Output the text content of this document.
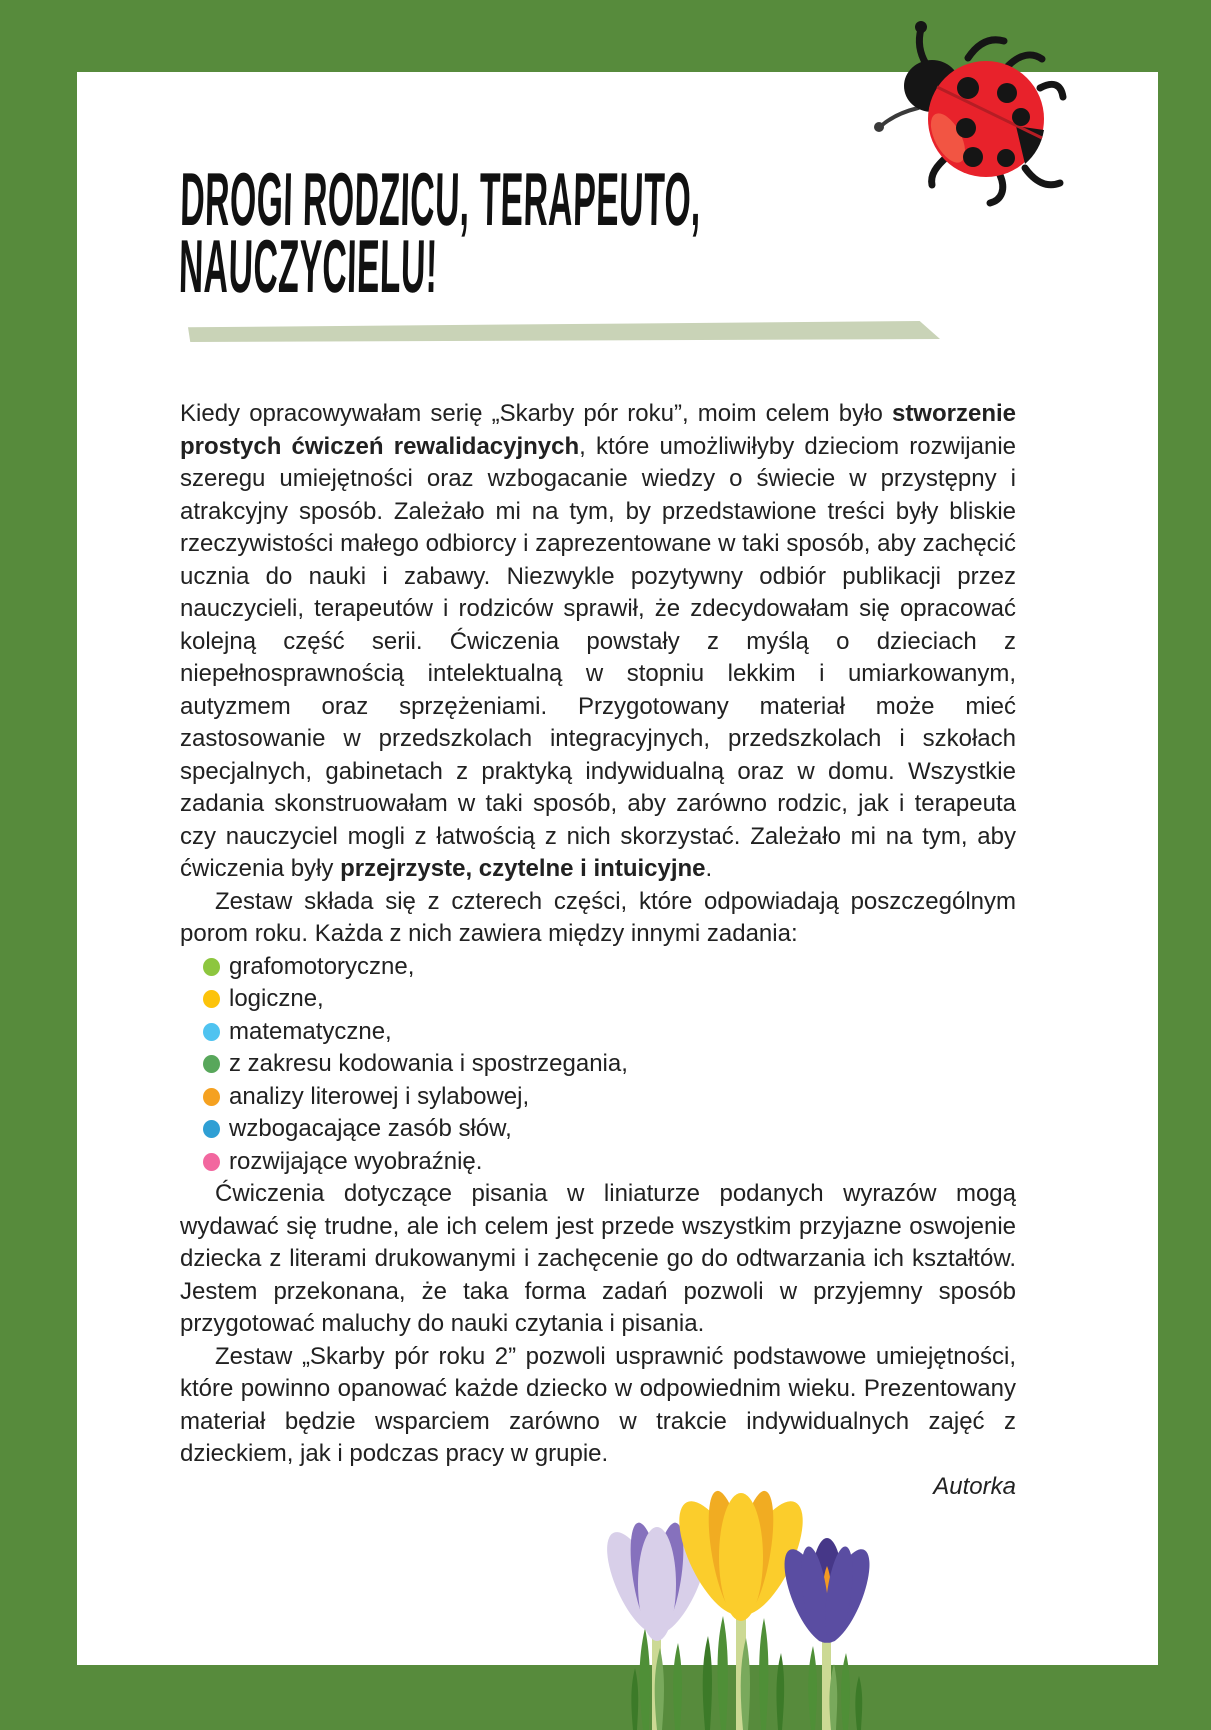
DROGI RODZICU, TERAPEUTO,
NAUCZYCIELU!

Kiedy opracowywałam serię „Skarby pór roku”, moim celem było stworzenie prostych ćwiczeń rewalidacyjnych, które umożliwiłyby dzieciom rozwijanie szeregu umiejętności oraz wzbogacanie wiedzy o świecie w przystępny i atrakcyjny sposób. Zależało mi na tym, by przedstawione treści były bliskie rzeczywistości małego odbiorcy i zaprezentowane w taki sposób, aby zachęcić ucznia do nauki i zabawy. Niezwykle pozytywny odbiór publikacji przez nauczycieli, terapeutów i rodziców sprawił, że zdecydowałam się opracować kolejną część serii. Ćwiczenia powstały z myślą o dzieciach z niepełnosprawnością intelektualną w stopniu lekkim i umiarkowanym, autyzmem oraz sprzężeniami. Przygotowany materiał może mieć zastosowanie w przedszkolach integracyjnych, przedszkolach i szkołach specjalnych, gabinetach z praktyką indywidualną oraz w domu. Wszystkie zadania skonstruowałam w taki sposób, aby zarówno rodzic, jak i terapeuta czy nauczyciel mogli z łatwością z nich skorzystać. Zależało mi na tym, aby ćwiczenia były przejrzyste, czytelne i intuicyjne.

Zestaw składa się z czterech części, które odpowiadają poszczególnym porom roku. Każda z nich zawiera między innymi zadania:

grafomotoryczne,
logiczne,
matematyczne,
z zakresu kodowania i spostrzegania,
analizy literowej i sylabowej,
wzbogacające zasób słów,
rozwijające wyobraźnię.

Ćwiczenia dotyczące pisania w liniaturze podanych wyrazów mogą wydawać się trudne, ale ich celem jest przede wszystkim przyjazne oswojenie dziecka z literami drukowanymi i zachęcenie go do odtwarzania ich kształtów. Jestem przekonana, że taka forma zadań pozwoli w przyjemny sposób przygotować maluchy do nauki czytania i pisania.

Zestaw „Skarby pór roku 2” pozwoli usprawnić podstawowe umiejętności, które powinno opanować każde dziecko w odpowiednim wieku. Prezentowany materiał będzie wsparciem zarówno w trakcie indywidualnych zajęć z dzieckiem, jak i podczas pracy w grupie.

Autorka
